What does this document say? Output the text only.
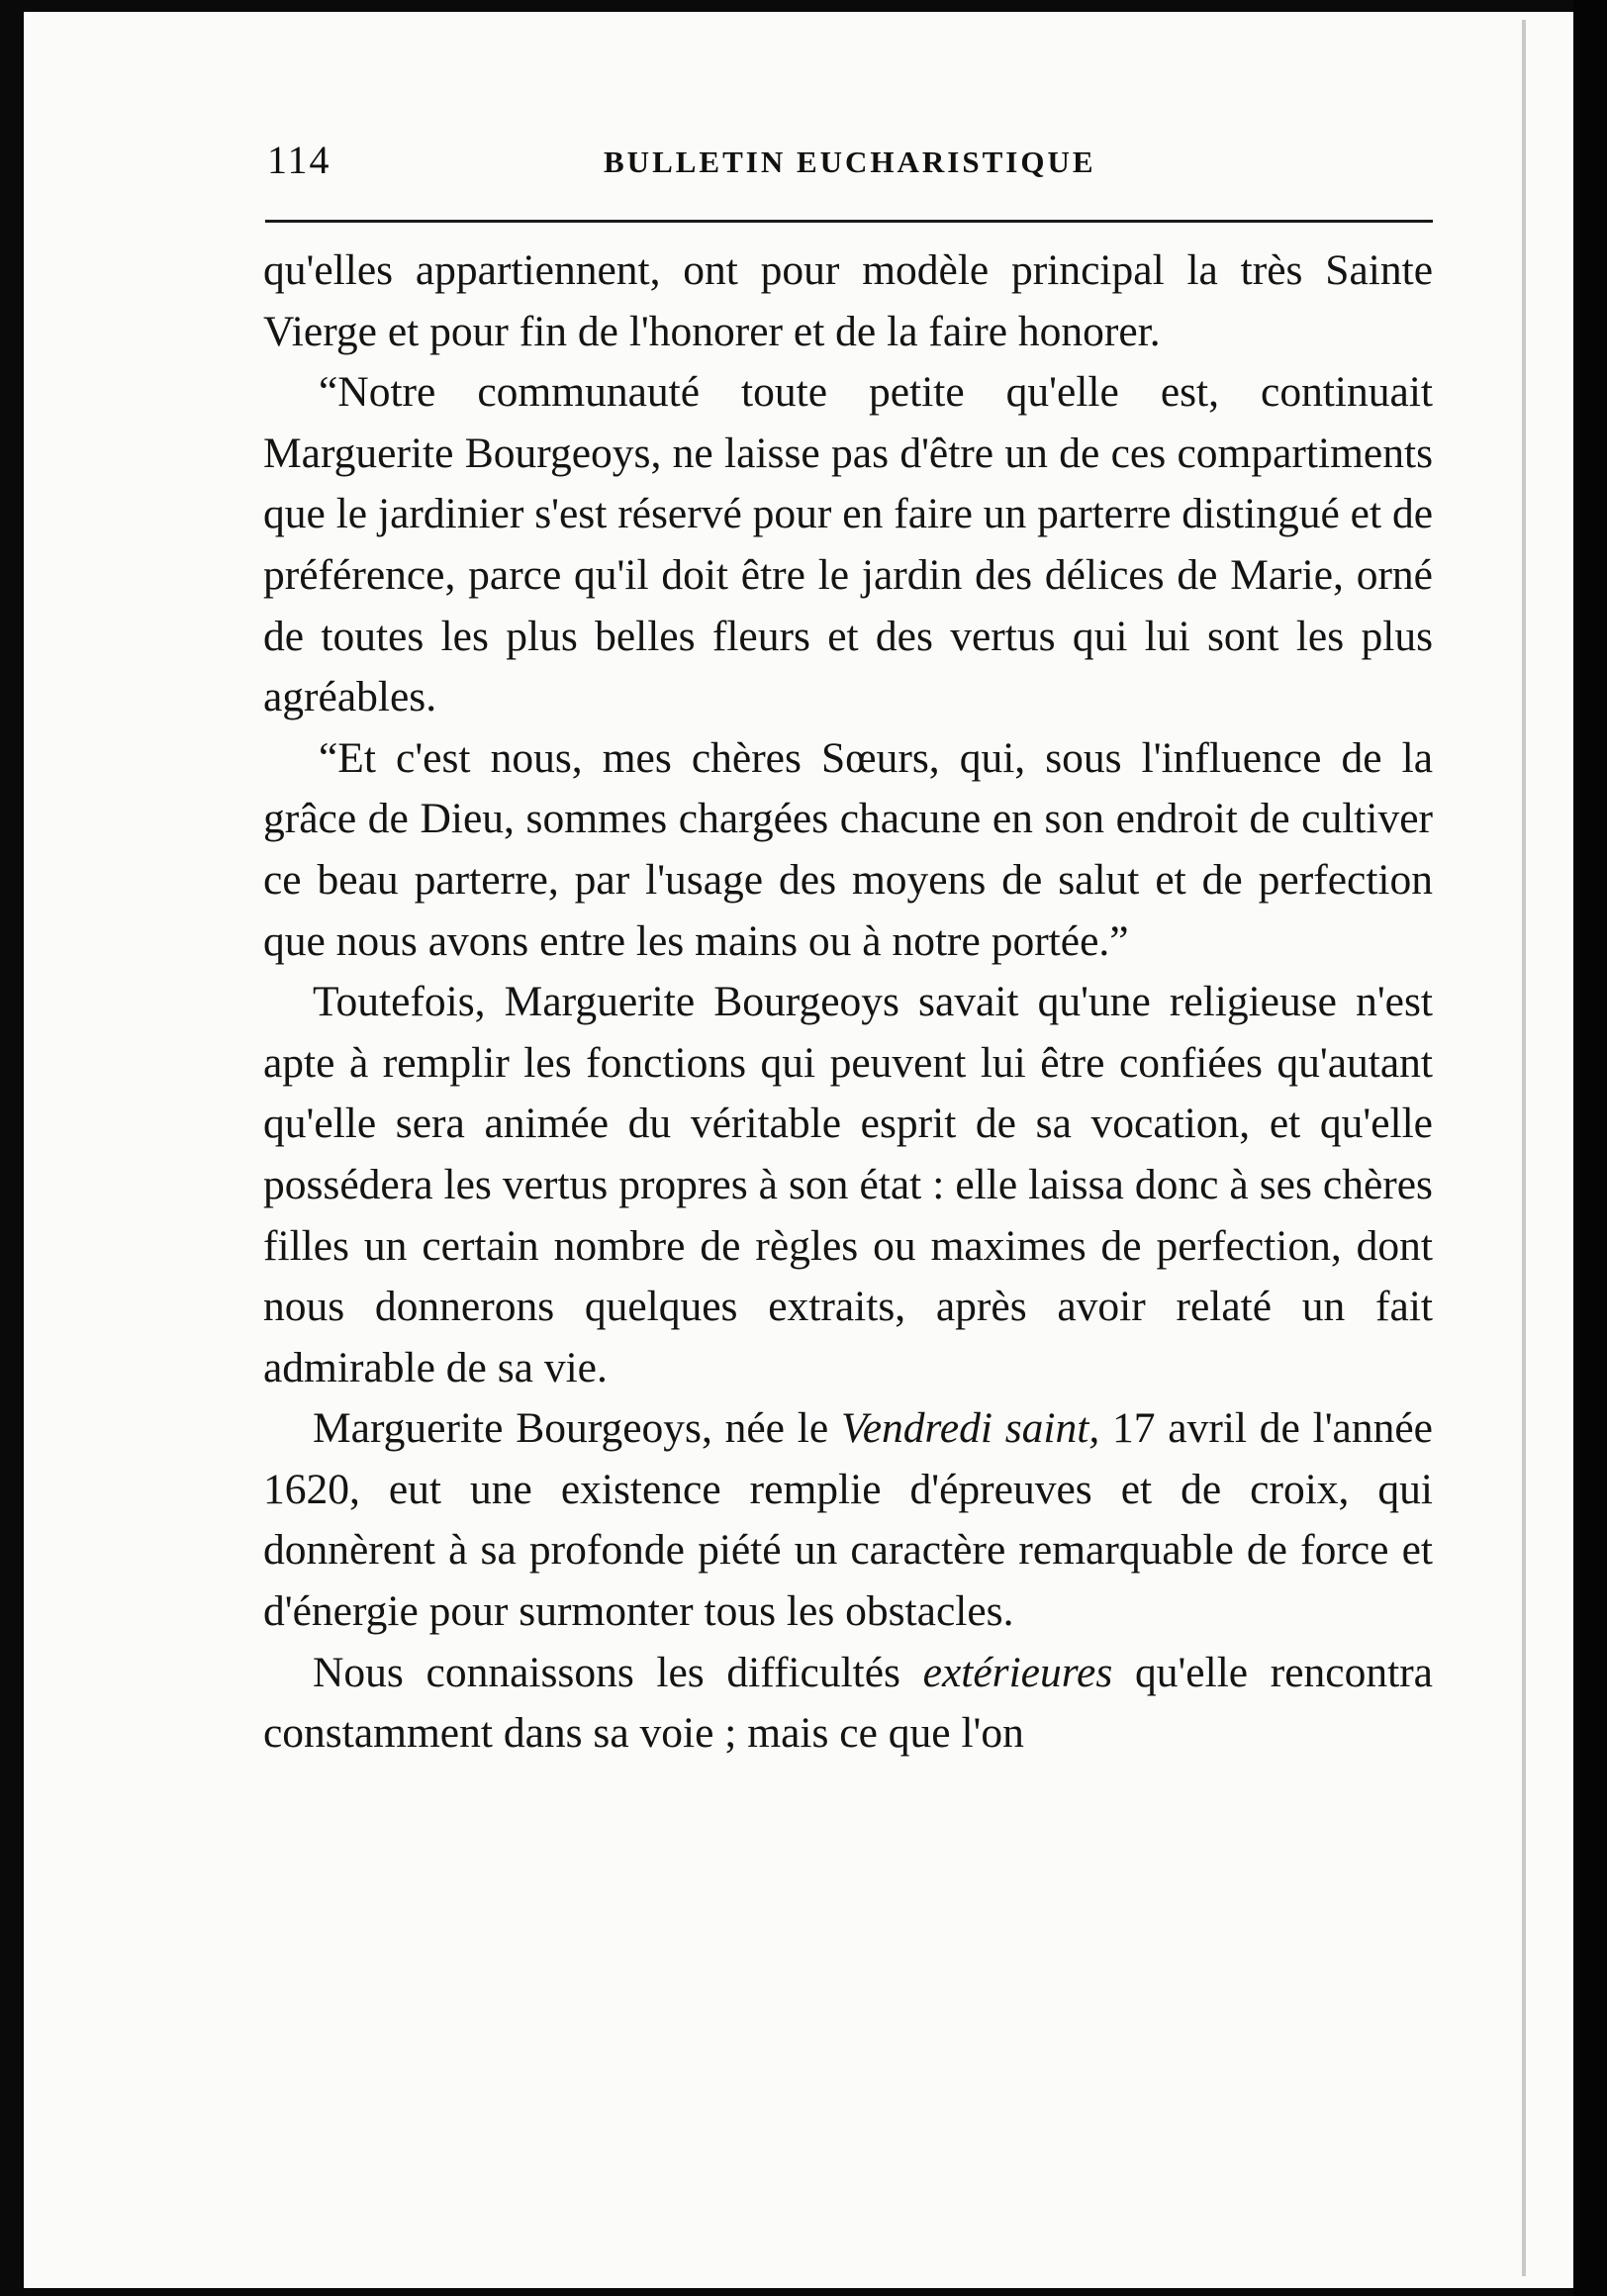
114	BULLETIN EUCHARISTIQUE

qu'elles appartiennent, ont pour modèle principal la très Sainte Vierge et pour fin de l'honorer et de la faire honorer.

“Notre communauté toute petite qu'elle est, continuait Marguerite Bourgeoys, ne laisse pas d'être un de ces compartiments que le jardinier s'est réservé pour en faire un parterre distingué et de préférence, parce qu'il doit être le jardin des délices de Marie, orné de toutes les plus belles fleurs et des vertus qui lui sont les plus agréables.

“Et c'est nous, mes chères Sœurs, qui, sous l'influence de la grâce de Dieu, sommes chargées chacune en son endroit de cultiver ce beau parterre, par l'usage des moyens de salut et de perfection que nous avons entre les mains ou à notre portée.”

Toutefois, Marguerite Bourgeoys savait qu'une religieuse n'est apte à remplir les fonctions qui peuvent lui être confiées qu'autant qu'elle sera animée du véritable esprit de sa vocation, et qu'elle possédera les vertus propres à son état : elle laissa donc à ses chères filles un certain nombre de règles ou maximes de perfection, dont nous donnerons quelques extraits, après avoir relaté un fait admirable de sa vie.

Marguerite Bourgeoys, née le Vendredi saint, 17 avril de l'année 1620, eut une existence remplie d'épreuves et de croix, qui donnèrent à sa profonde piété un caractère remarquable de force et d'énergie pour surmonter tous les obstacles.

Nous connaissons les difficultés extérieures qu'elle rencontra constamment dans sa voie ; mais ce que l'on
